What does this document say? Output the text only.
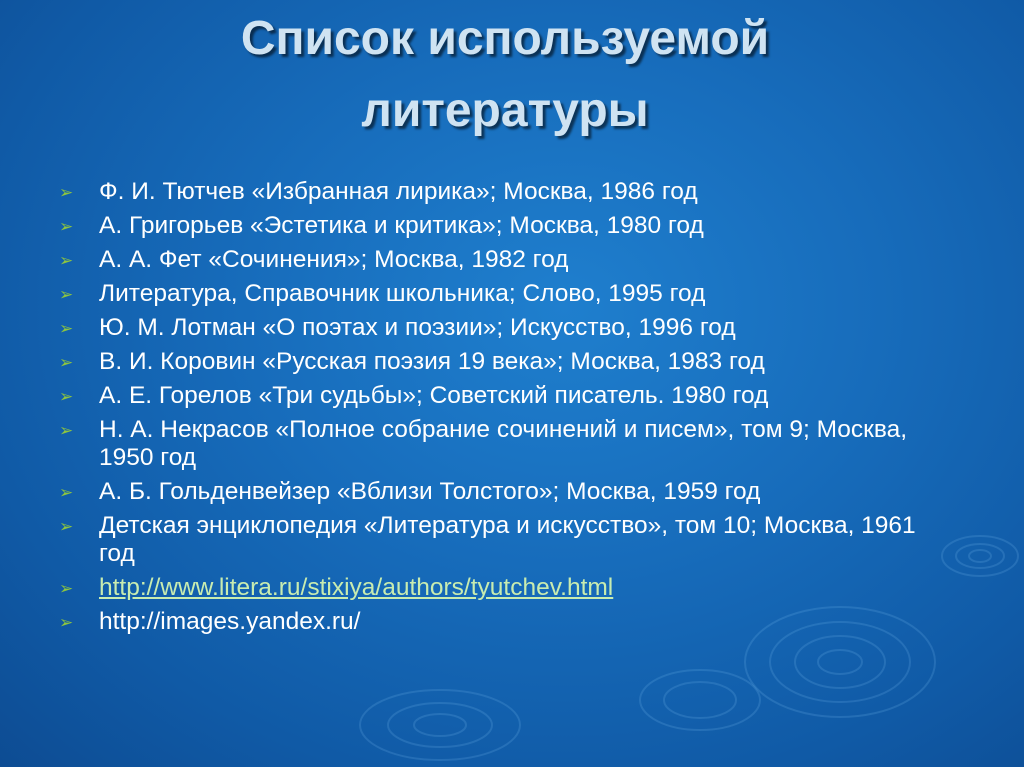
Список используемой
литературы
➢ Ф. И. Тютчев «Избранная лирика»; Москва, 1986 год
➢ А. Григорьев «Эстетика и критика»; Москва, 1980 год
➢ А. А. Фет «Сочинения»; Москва, 1982 год
➢ Литература, Справочник школьника; Слово, 1995 год
➢ Ю. М. Лотман «О поэтах и поэзии»; Искусство, 1996 год
➢ В. И. Коровин «Русская поэзия 19 века»; Москва, 1983 год
➢ А. Е. Горелов «Три судьбы»; Советский писатель. 1980 год
➢ Н. А. Некрасов «Полное собрание сочинений и писем», том 9; Москва, 1950 год
➢ А. Б. Гольденвейзер «Вблизи Толстого»; Москва, 1959 год
➢ Детская энциклопедия «Литература и искусство», том 10; Москва, 1961 год
➢ http://www.litera.ru/stixiya/authors/tyutchev.html
➢ http://images.yandex.ru/
